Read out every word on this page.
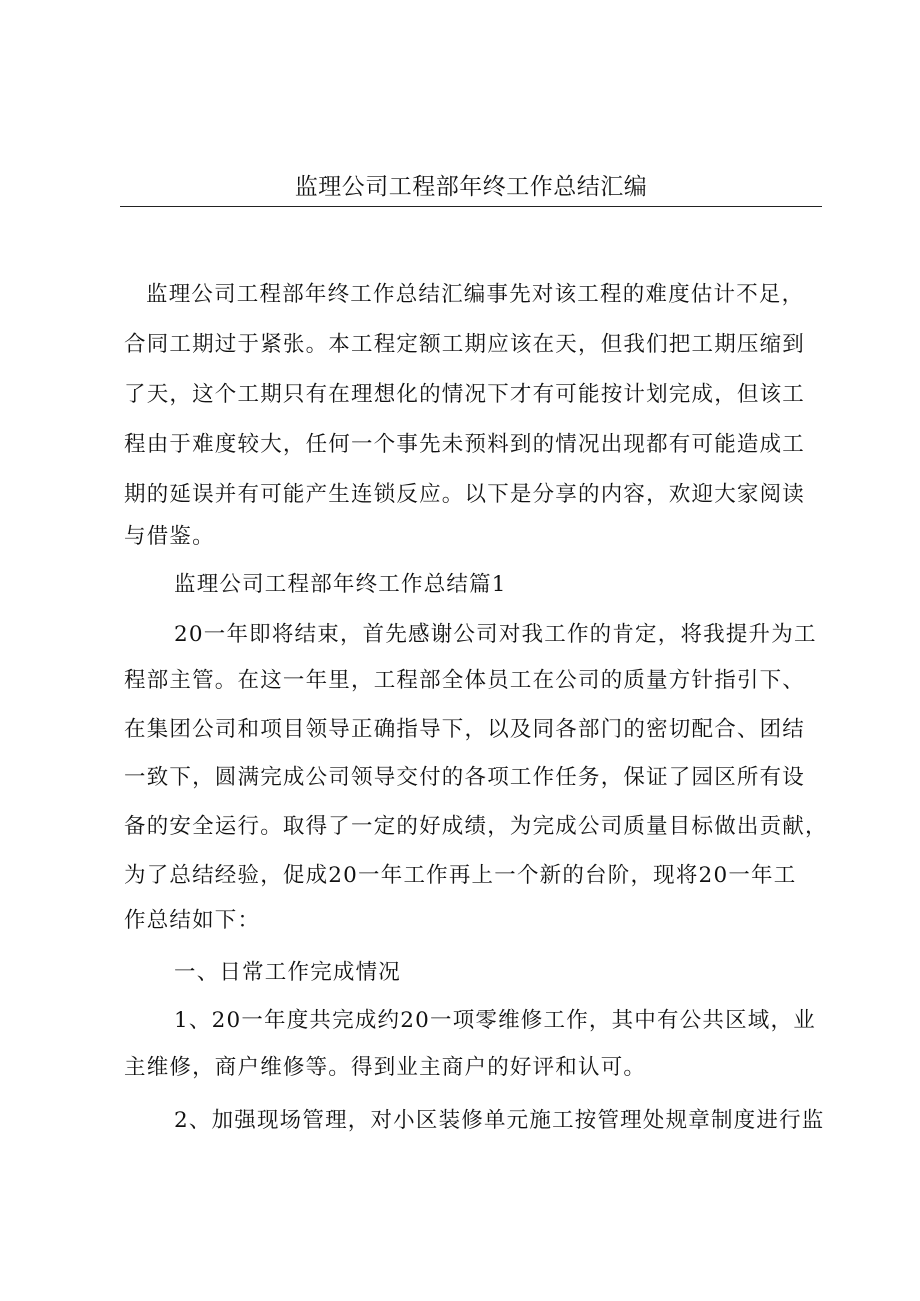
监理公司工程部年终工作总结汇编
监理公司工程部年终工作总结汇编事先对该工程的难度估计不足，
合同工期过于紧张。本工程定额工期应该在天，但我们把工期压缩到
了天，这个工期只有在理想化的情况下才有可能按计划完成，但该工
程由于难度较大，任何一个事先未预料到的情况出现都有可能造成工
期的延误并有可能产生连锁反应。以下是分享的内容，欢迎大家阅读
与借鉴。
监理公司工程部年终工作总结篇1
20一年即将结束，首先感谢公司对我工作的肯定，将我提升为工
程部主管。在这一年里，工程部全体员工在公司的质量方针指引下、
在集团公司和项目领导正确指导下，以及同各部门的密切配合、团结
一致下，圆满完成公司领导交付的各项工作任务，保证了园区所有设
备的安全运行。取得了一定的好成绩，为完成公司质量目标做出贡献，
为了总结经验，促成20一年工作再上一个新的台阶，现将20一年工
作总结如下：
一、日常工作完成情况
1、20一年度共完成约20一项零维修工作，其中有公共区域，业
主维修，商户维修等。得到业主商户的好评和认可。
2、加强现场管理，对小区装修单元施工按管理处规章制度进行监
